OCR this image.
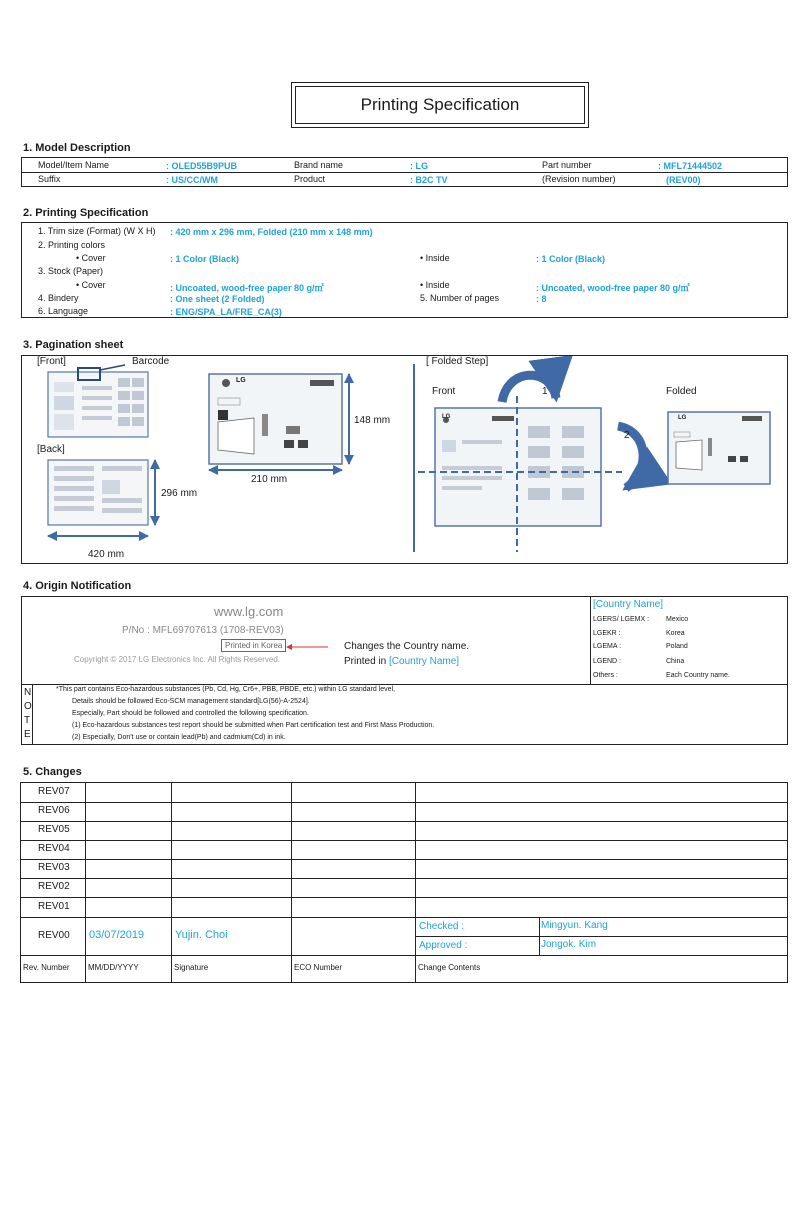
Printing Specification
1. Model Description
Model/Item Name	: OLED55B9PUB	Brand name	: LG	Part number	: MFL71444502
Suffix	: US/CC/WM	Product	: B2C TV	(Revision number)	(REV00)
2. Printing Specification
1. Trim size (Format) (W X H) : 420 mm x 296 mm, Folded (210 mm x 148 mm)
2. Printing colors
• Cover	: 1 Color (Black)	• Inside	: 1 Color (Black)
3. Stock (Paper)
• Cover	: Uncoated, wood-free paper 80 g/㎡	• Inside	: Uncoated, wood-free paper 80 g/㎡
4. Bindery	: One sheet (2 Folded)	5. Number of pages	: 8
6. Language	: ENG/SPA_LA/FRE_CA(3)
3. Pagination sheet
[Front]	Barcode
[Back]
148 mm
210 mm
296 mm
420 mm
[ Folded Step]
Front	1
2
Folded
LG
LG	LG
4. Origin Notification
www.lg.com
P/No : MFL69707613 (1708-REV03)
Printed in Korea
Copyright © 2017 LG Electronics Inc. All Rights Reserved.
Changes the Country name.
Printed in [Country Name]
[Country Name]
LGERS/ LGEMX : Mexico
LGEKR :	Korea
LGEMA :	Poland
LGEND :	China
Others :	Each Country name.
N
O
T
E
*This part contains Eco-hazardous substances (Pb, Cd, Hg, Cr6+, PBB, PBDE, etc.) within LG standard level,
Details should be followed Eco-SCM management standard[LG(56)-A-2524].
Especially, Part should be followed and controlled the following specification.
(1) Eco-hazardous substances test report should be submitted when Part certification test and First Mass Production.
(2) Especially, Don't use or contain lead(Pb) and cadmium(Cd) in ink.
5. Changes
REV07
REV06
REV05
REV04
REV03
REV02
REV01
REV00 03/07/2019	Yujin. Choi
Checked :	Mingyun. Kang
Approved :	Jongok. Kim
Rev. Number MM/DD/YYYY	Signature	ECO Number	Change Contents
